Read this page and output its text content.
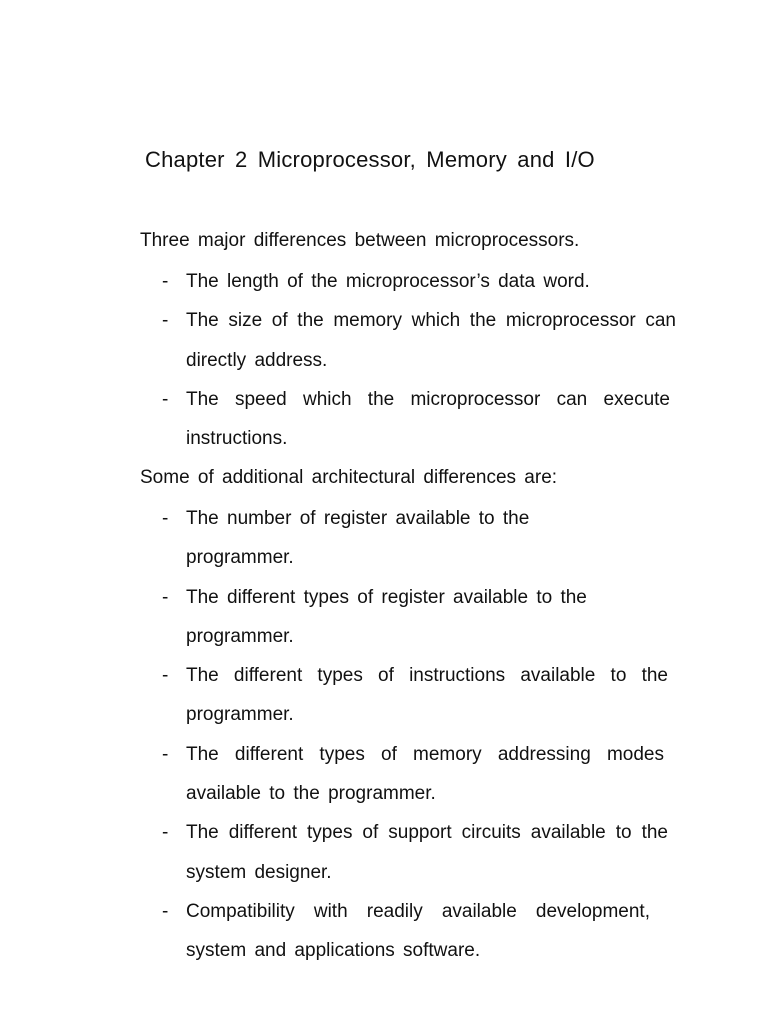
Chapter 2 Microprocessor, Memory and I/O
Three major differences between microprocessors.
- The length of the microprocessor’s data word.
- The size of the memory which the microprocessor can directly address.
- The speed which the microprocessor can execute instructions.
Some of additional architectural differences are:
- The number of register available to the programmer.
- The different types of register available to the programmer.
- The different types of instructions available to the programmer.
- The different types of memory addressing modes available to the programmer.
- The different types of support circuits available to the system designer.
- Compatibility with readily available development, system and applications software.
